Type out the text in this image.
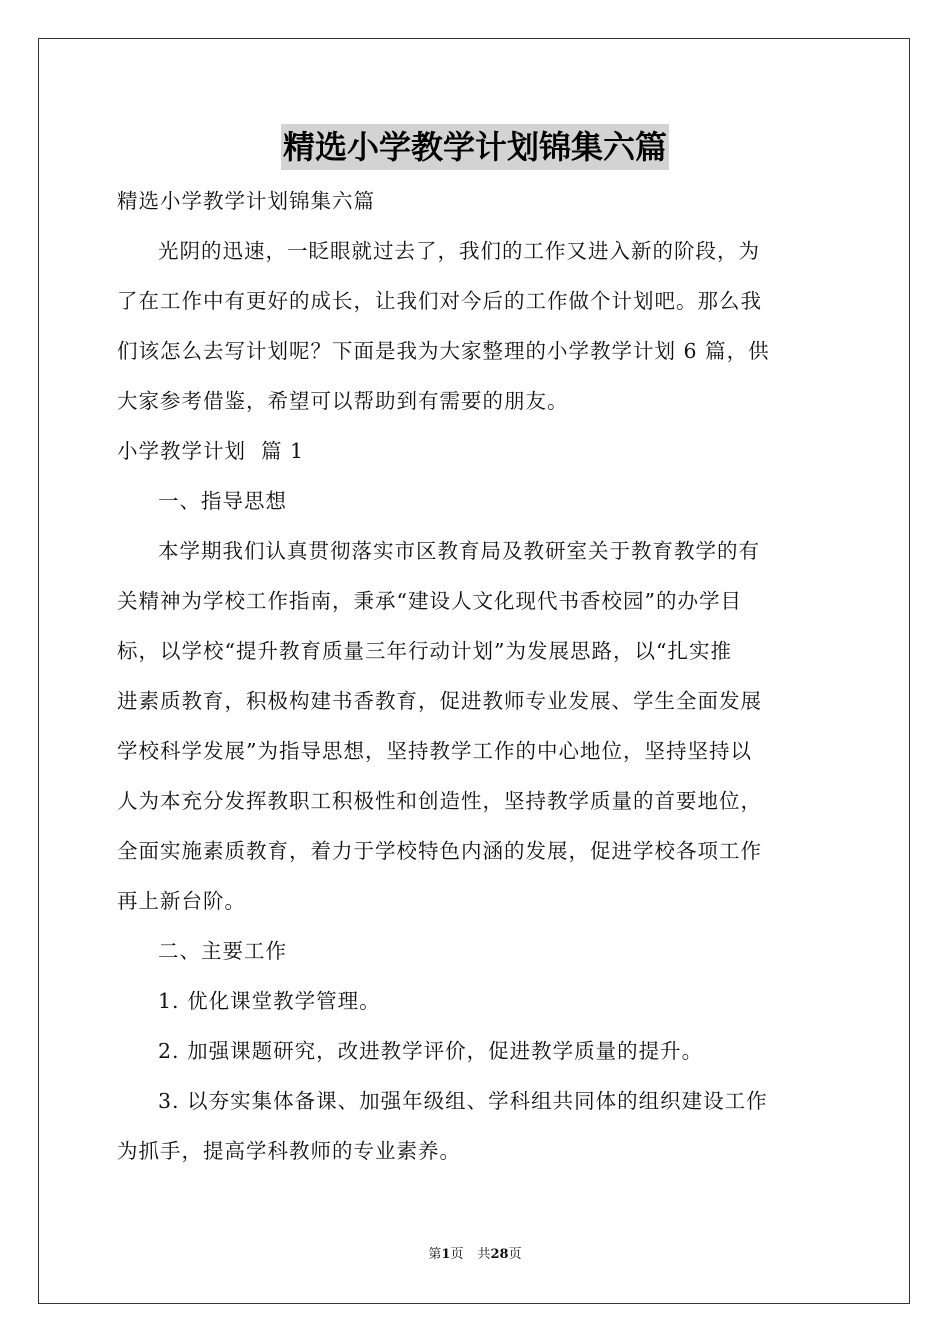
精选小学教学计划锦集六篇

精选小学教学计划锦集六篇

光阴的迅速，一眨眼就过去了，我们的工作又进入新的阶段，为

了在工作中有更好的成长，让我们对今后的工作做个计划吧。那么我

们该怎么去写计划呢？下面是我为大家整理的小学教学计划 6 篇，供

大家参考借鉴，希望可以帮助到有需要的朋友。

小学教学计划  篇 1

一、指导思想

本学期我们认真贯彻落实市区教育局及教研室关于教育教学的有

关精神为学校工作指南，秉承“建设人文化现代书香校园”的办学目

标，以学校“提升教育质量三年行动计划”为发展思路，以“扎实推

进素质教育，积极构建书香教育，促进教师专业发展、学生全面发展

学校科学发展”为指导思想，坚持教学工作的中心地位，坚持坚持以

人为本充分发挥教职工积极性和创造性，坚持教学质量的首要地位，

全面实施素质教育，着力于学校特色内涵的发展，促进学校各项工作

再上新台阶。

二、主要工作

1. 优化课堂教学管理。

2. 加强课题研究，改进教学评价，促进教学质量的提升。

3. 以夯实集体备课、加强年级组、学科组共同体的组织建设工作

为抓手，提高学科教师的专业素养。

第1页 共28页
